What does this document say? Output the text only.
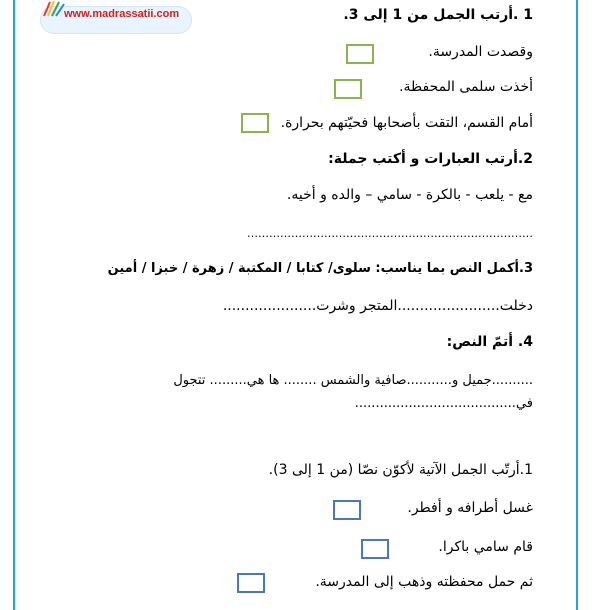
www.madrassatii.com	1 .أرتب الجمل من 1 إلى 3.
وقصدت المدرسة.
أخذت سلمى المحفظة.
أمام القسم، التقت بأصحابها فحيّتهم بحرارة.
2.أرتب العبارات و أكتب جملة:
مع - يلعب - بالكرة - سامي – والده و أخيه.
……………………………………………………………………
3.أكمل النص بما يناسب: سلوى/ كتابا / المكتبة / زهرة / خبزا / أمين
دخلت.......................المتجر وشرت.....................
4. أتمّ النص:
..........جميل و...........صافية والشمس ........ ها هي......... تتجول
في.......................................
1.أرتّب الجمل الآتية لأكوّن نصّا (من 1 إلى 3).
غسل أطرافه و أفطر.
قام سامي باكرا.
ثم حمل محفظته وذهب إلى المدرسة.
